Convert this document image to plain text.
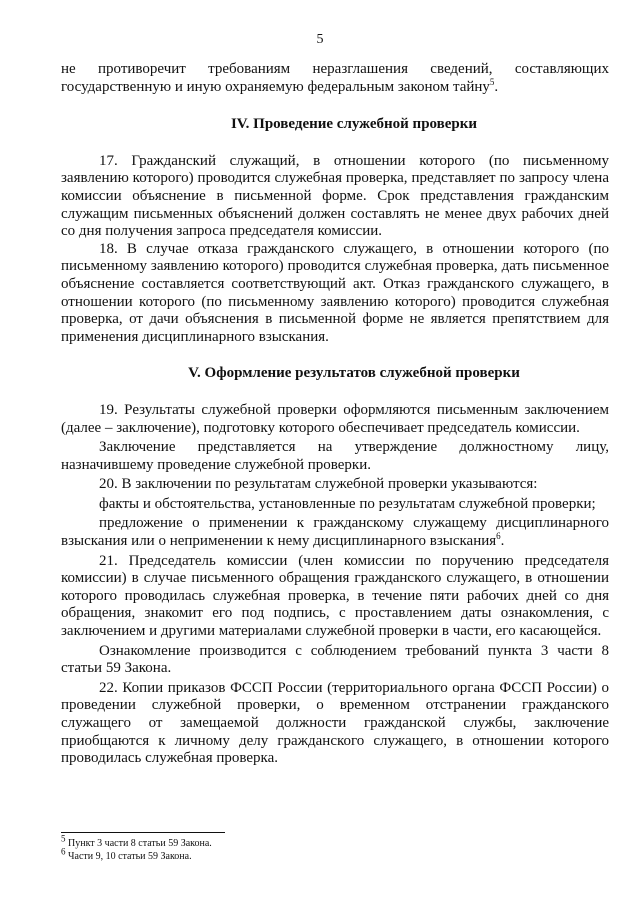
5

не противоречит требованиям неразглашения сведений, составляющих государственную и иную охраняемую федеральным законом тайну$^5$.

IV. Проведение служебной проверки

17. Гражданский служащий, в отношении которого (по письменному заявлению которого) проводится служебная проверка, представляет по запросу члена комиссии объяснение в письменной форме. Срок представления гражданским служащим письменных объяснений должен составлять не менее двух рабочих дней со дня получения запроса председателя комиссии.

18. В случае отказа гражданского служащего, в отношении которого (по письменному заявлению которого) проводится служебная проверка, дать письменное объяснение составляется соответствующий акт. Отказ гражданского служащего, в отношении которого (по письменному заявлению которого) проводится служебная проверка, от дачи объяснения в письменной форме не является препятствием для применения дисциплинарного взыскания.

V. Оформление результатов служебной проверки

19. Результаты служебной проверки оформляются письменным заключением (далее – заключение), подготовку которого обеспечивает председатель комиссии.

Заключение представляется на утверждение должностному лицу, назначившему проведение служебной проверки.

20. В заключении по результатам служебной проверки указываются:

факты и обстоятельства, установленные по результатам служебной проверки;

предложение о применении к гражданскому служащему дисциплинарного взыскания или о неприменении к нему дисциплинарного взыскания$^6$.

21. Председатель комиссии (член комиссии по поручению председателя комиссии) в случае письменного обращения гражданского служащего, в отношении которого проводилась служебная проверка, в течение пяти рабочих дней со дня обращения, знакомит его под подпись, с проставлением даты ознакомления, с заключением и другими материалами служебной проверки в части, его касающейся.

Ознакомление производится с соблюдением требований пункта 3 части 8 статьи 59 Закона.

22. Копии приказов ФССП России (территориального органа ФССП России) о проведении служебной проверки, о временном отстранении гражданского служащего от замещаемой должности гражданской службы, заключение приобщаются к личному делу гражданского служащего, в отношении которого проводилась служебная проверка.

5 Пункт 3 части 8 статьи 59 Закона.
6 Части 9, 10 статьи 59 Закона.
